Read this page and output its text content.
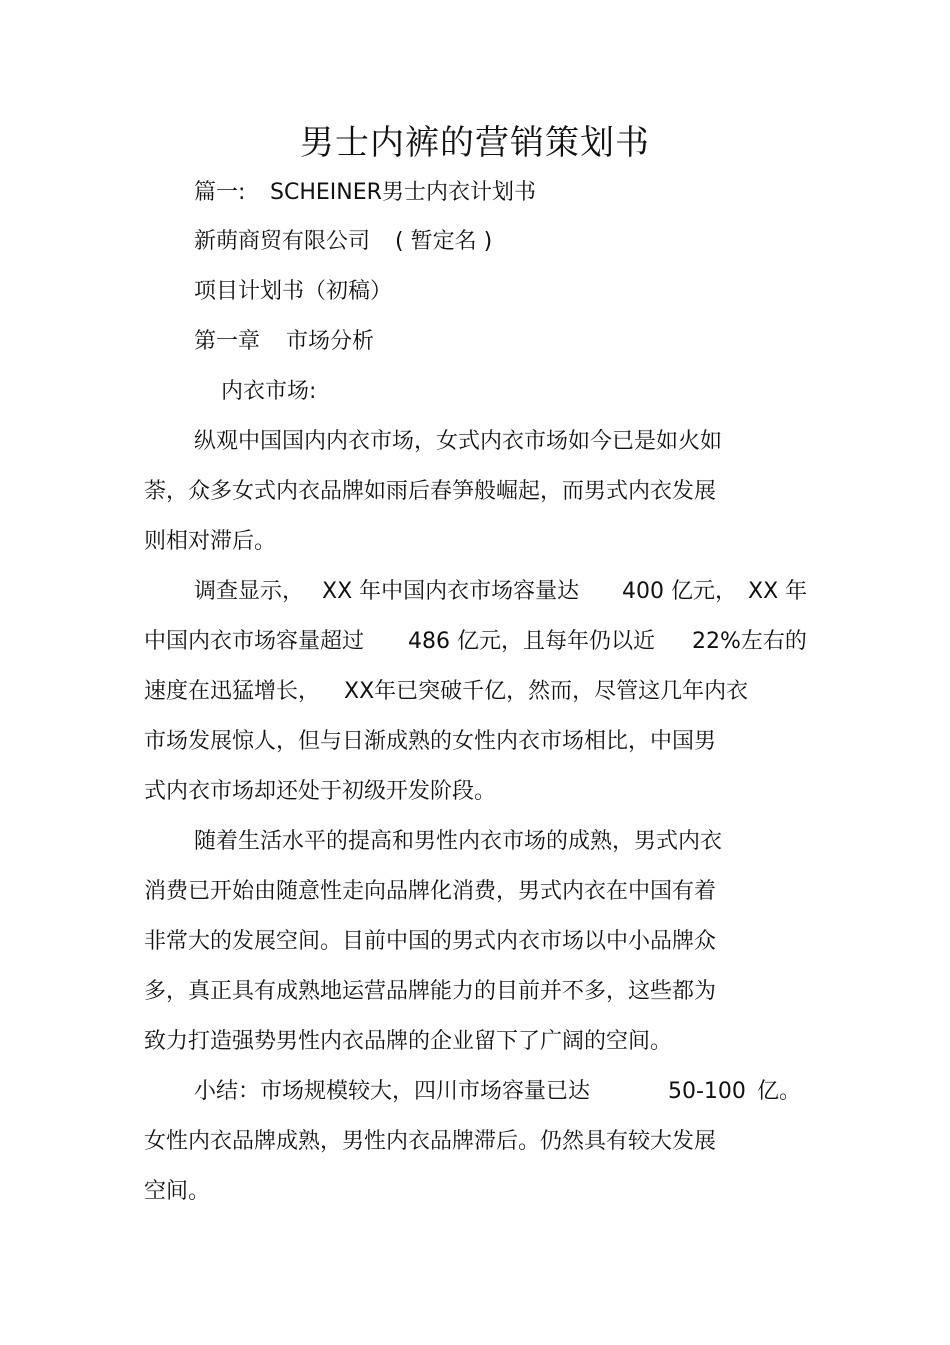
男士内裤的营销策划书
篇一: SCHEINER 男士内衣计划书
新萌商贸有限公司 ( 暂定名 )
项目计划书（初稿）
第一章 市场分析
内衣市场:
纵观中国国内内衣市场，女式内衣市场如今已是如火如
荼，众多女式内衣品牌如雨后春笋般崛起，而男式内衣发展
则相对滞后。
调查显示， XX 年中国内衣市场容量达 400 亿元， XX 年
中国内衣市场容量超过 486 亿元，且每年仍以近 22%左右的
速度在迅猛增长， XX年已突破千亿，然而，尽管这几年内衣
市场发展惊人，但与日渐成熟的女性内衣市场相比，中国男
式内衣市场却还处于初级开发阶段。
随着生活水平的提高和男性内衣市场的成熟，男式内衣
消费已开始由随意性走向品牌化消费，男式内衣在中国有着
非常大的发展空间。目前中国的男式内衣市场以中小品牌众
多，真正具有成熟地运营品牌能力的目前并不多，这些都为
致力打造强势男性内衣品牌的企业留下了广阔的空间。
小结：市场规模较大，四川市场容量已达	50-100 亿。
女性内衣品牌成熟，男性内衣品牌滞后。仍然具有较大发展
空间。
